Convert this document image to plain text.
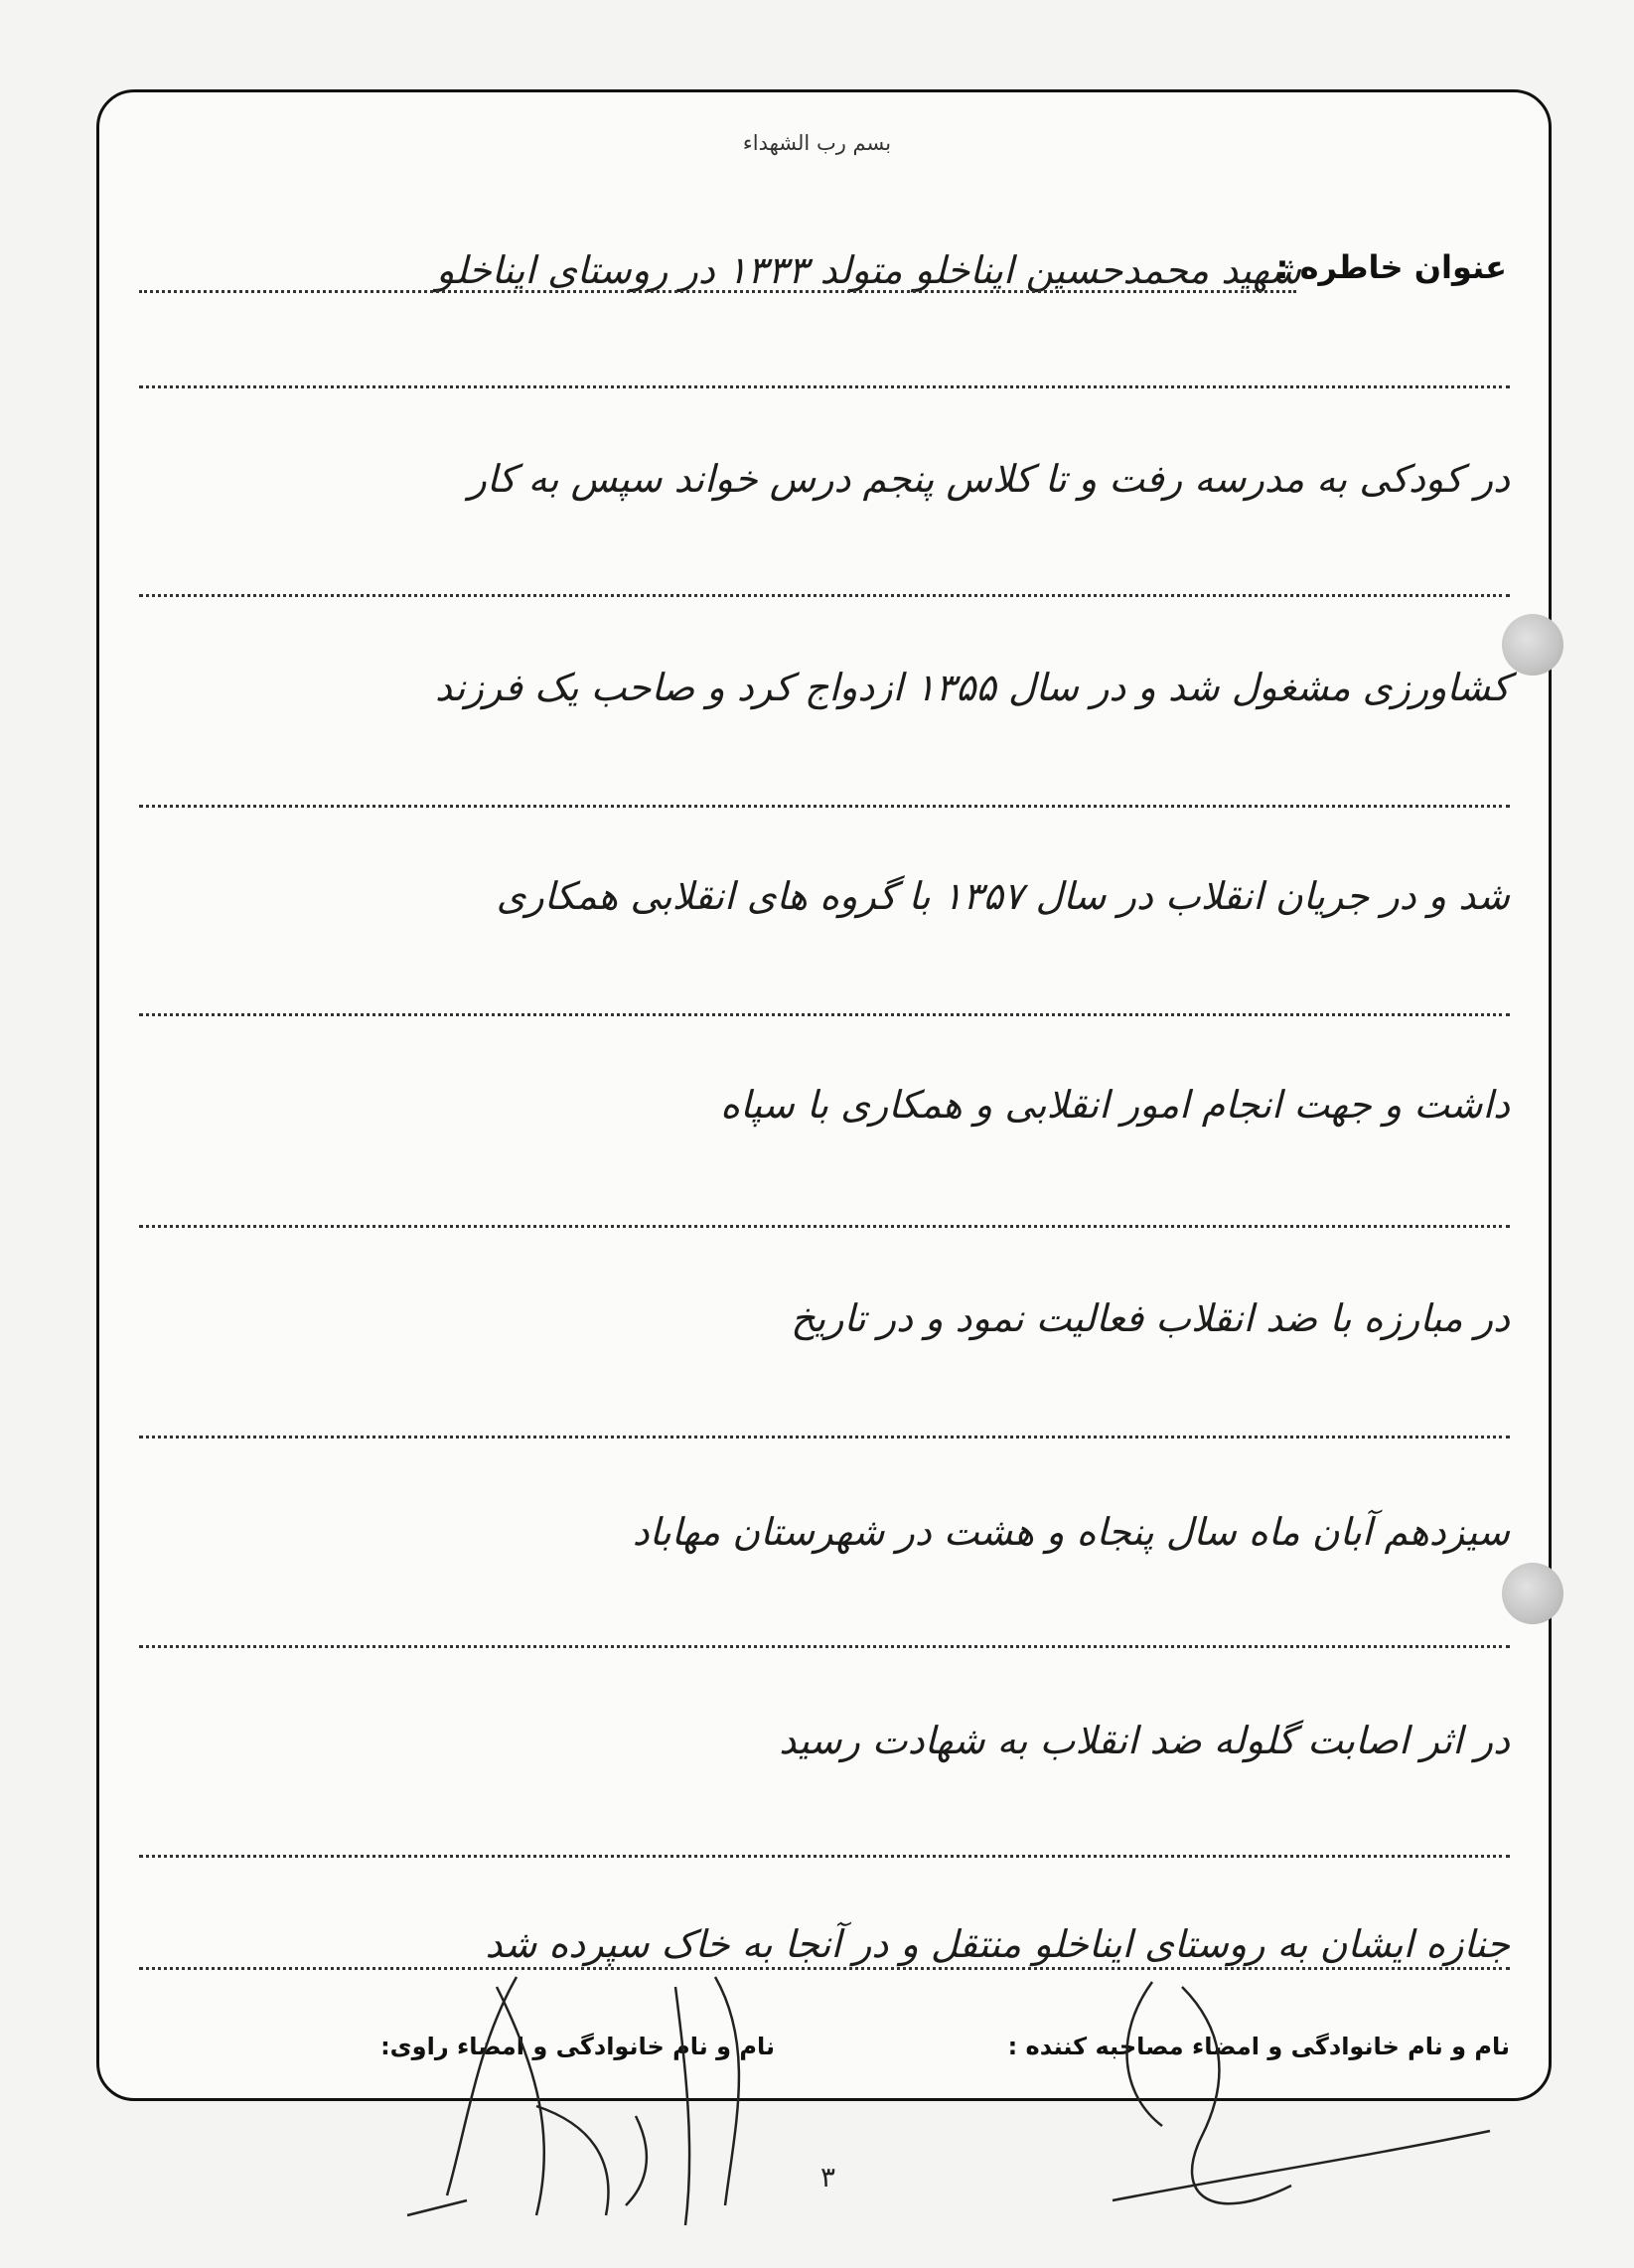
بسم رب الشهداء
عنوان خاطره :
شهید محمدحسین ایناخلو متولد ۱۳۳۳ در روستای ایناخلو
در کودکی به مدرسه رفت و تا کلاس پنجم درس خواند سپس به کار
کشاورزی مشغول شد و در سال ۱۳۵۵ ازدواج کرد و صاحب یک فرزند
شد و در جریان انقلاب در سال ۱۳۵۷ با گروه های انقلابی همکاری
داشت و جهت انجام امور انقلابی و همکاری با سپاه
در مبارزه با ضد انقلاب فعالیت نمود و در تاریخ
سیزدهم آبان ماه سال پنجاه و هشت در شهرستان مهاباد
در اثر اصابت گلوله ضد انقلاب به شهادت رسید
جنازه ایشان به روستای ایناخلو منتقل و در آنجا به خاک سپرده شد
نام و نام خانوادگی و امضاء مصاحبه کننده :
نام و نام خانوادگی و امضاء راوی:
۳
